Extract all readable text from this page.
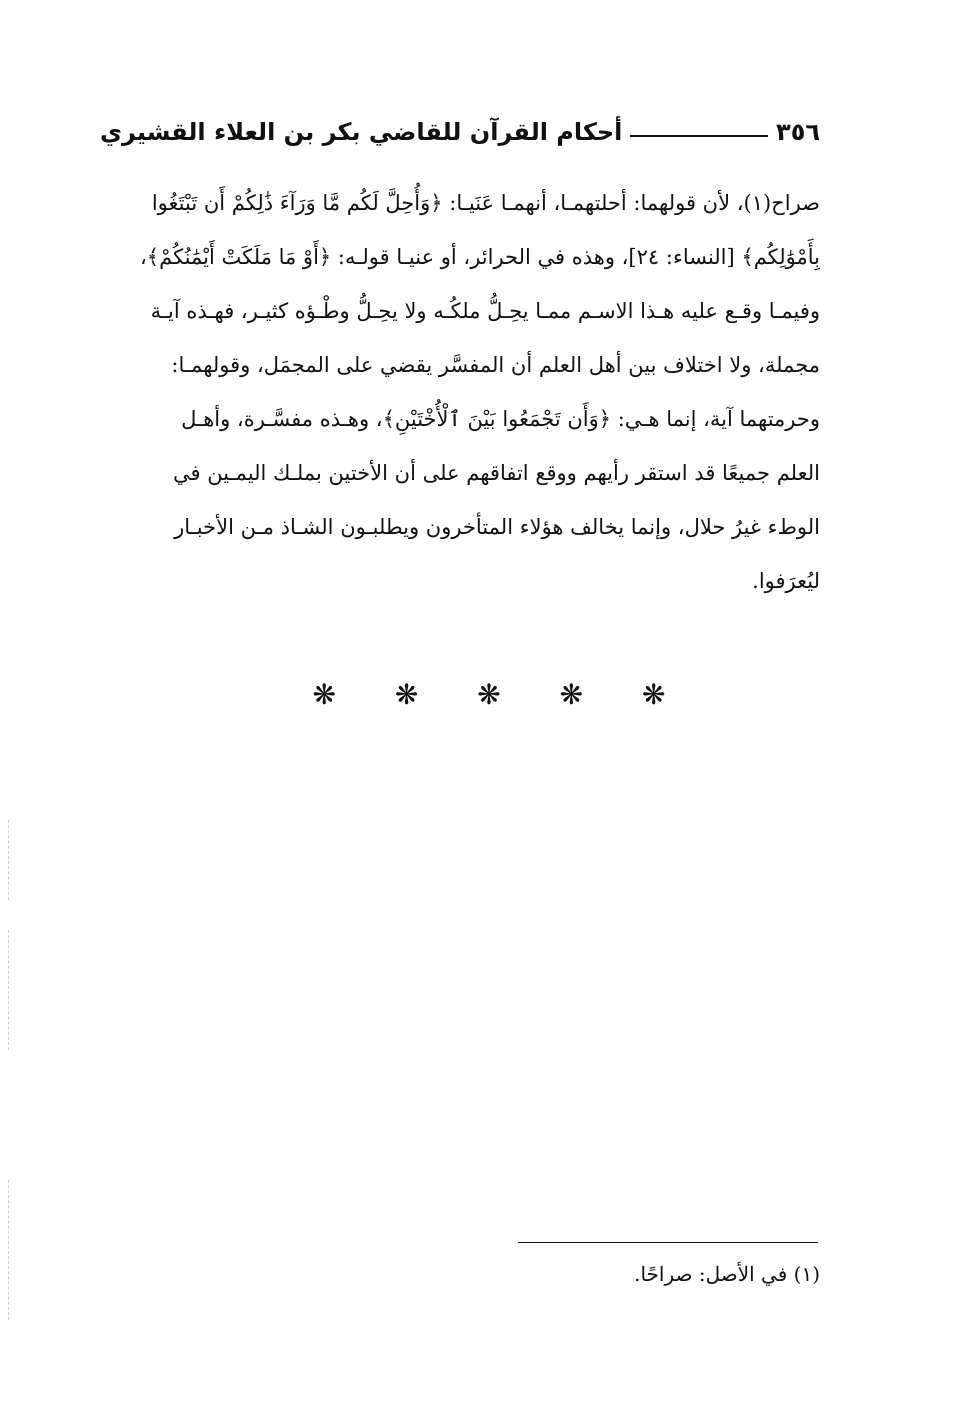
٣٥٦
أحكام القرآن للقاضي بكر بن العلاء القشيري
صراح(١)، لأن قولهما: أحلتهمـا، أنهمـا عَنَيـا: ﴿وَأُحِلَّ لَكُم مَّا وَرَآءَ ذَٰلِكُمْ أَن تَبْتَغُوا
بِأَمْوَٰلِكُم﴾ [النساء: ٢٤]، وهذه في الحرائر، أو عنيـا قولـه: ﴿أَوْ مَا مَلَكَتْ أَيْمَٰنُكُمْ﴾،
وفيمـا وقـع عليه هـذا الاسـم ممـا يحِـلُّ ملكُـه ولا يحِـلُّ وطْـؤه كثيـر، فهـذه آيـة
مجملة، ولا اختلاف بين أهل العلم أن المفسَّر يقضي على المجمَل، وقولهمـا:
وحرمتهما آية، إنما هـي: ﴿وَأَن تَجْمَعُوا بَيْنَ ٱلْأُخْتَيْنِ﴾، وهـذه مفسَّـرة، وأهـل
العلم جميعًا قد استقر رأيهم ووقع اتفاقهم على أن الأختين بملـك اليمـين في
الوطء غيرُ حلال، وإنما يخالف هؤلاء المتأخرون ويطلبـون الشـاذ مـن الأخبـار
ليُعرَفوا.
❋ ❋ ❋ ❋ ❋
(١) في الأصل: صراحًا.
